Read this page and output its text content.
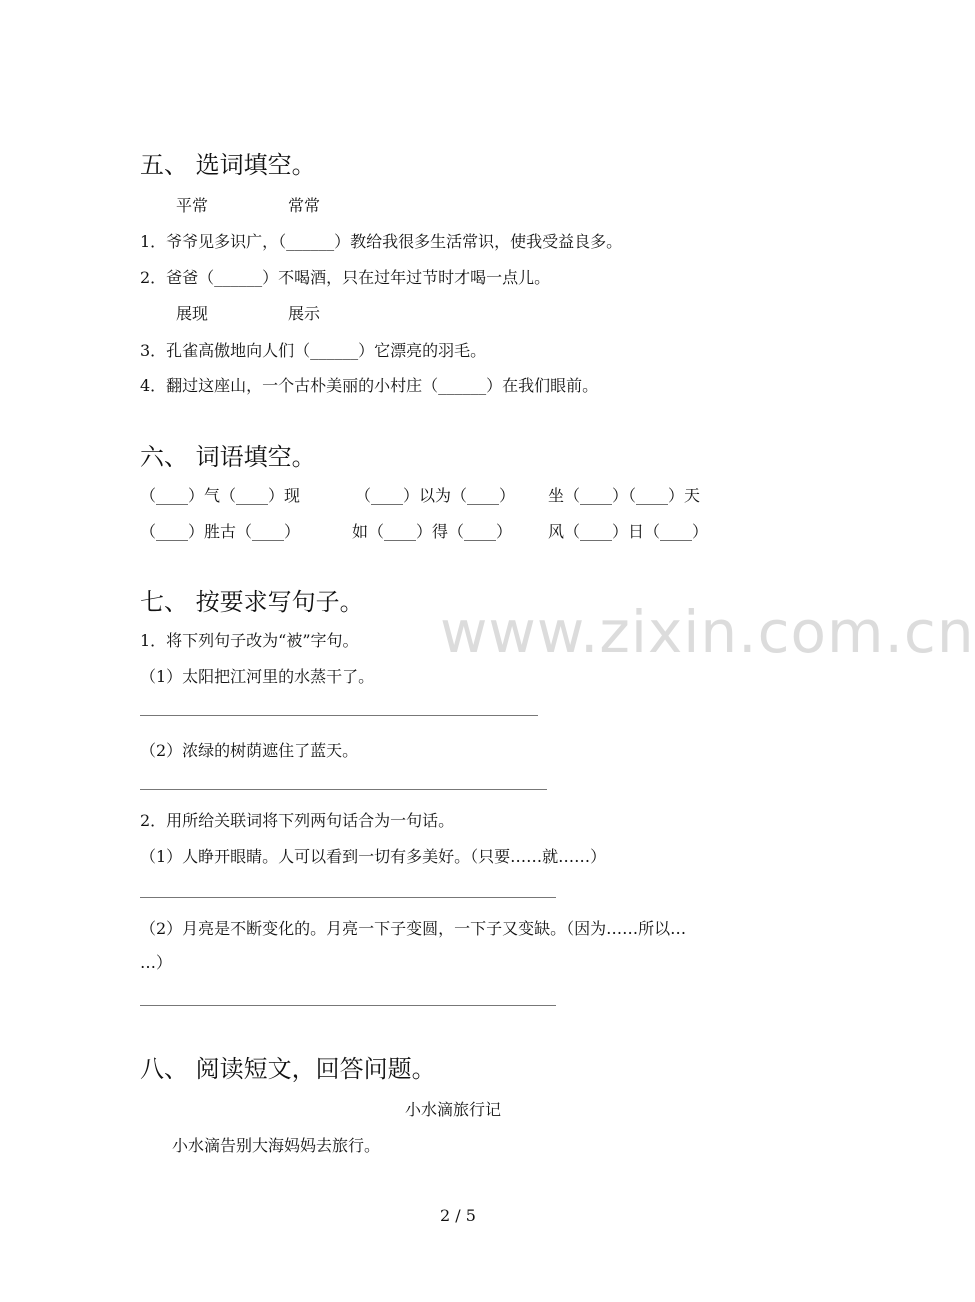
www.zixin.com.cn
五、 选词填空。
平常	常常
1．爷爷见多识广，（______）教给我很多生活常识，使我受益良多。
2．爸爸（______）不喝酒，只在过年过节时才喝一点儿。
展现	展示
3．孔雀高傲地向人们（______）它漂亮的羽毛。
4．翻过这座山，一个古朴美丽的小村庄（______）在我们眼前。
六、 词语填空。
（____）气（____）现	（____）以为（____） 坐（____）（____）天
（____）胜古（____）	如（____）得（____） 风（____）日（____）
七、 按要求写句子。
1．将下列句子改为“被”字句。
（1）太阳把江河里的水蒸干了。
（2）浓绿的树荫遮住了蓝天。
2．用所给关联词将下列两句话合为一句话。
（1）人睁开眼睛。人可以看到一切有多美好。（只要……就……）
（2）月亮是不断变化的。月亮一下子变圆，一下子又变缺。（因为……所以…
…）
八、 阅读短文，回答问题。
小水滴旅行记
小水滴告别大海妈妈去旅行。
2 / 5
